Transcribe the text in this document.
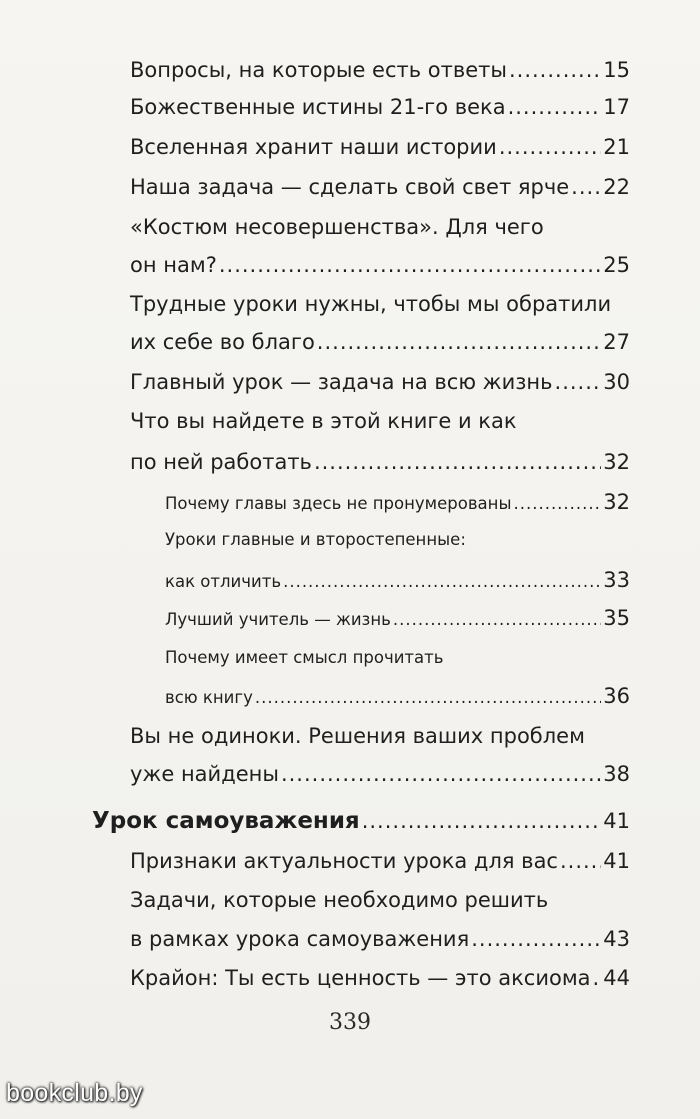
Вопросы, на которые есть ответы .....	15
Божественные истины 21-го века .....	17
Вселенная хранит наши истории .....	21
Наша задача — сделать свой свет ярче ..... 22
«Костюм несовершенства». Для чего
он нам? .....	25
Трудные уроки нужны, чтобы мы обратили
их себе во благо .....	27
Главный урок — задача на всю жизнь ..... 30
Что вы найдете в этой книге и как
по ней работать .....	32
Почему главы здесь не пронумерованы .....	32
Уроки главные и второстепенные:
как отличить .....	33
Лучший учитель — жизнь .....	35
Почему имеет смысл прочитать
всю книгу .....	36
Вы не одиноки. Решения ваших проблем
уже найдены .....	38
Урок самоуважения .....	41
Признаки актуальности урока для вас ..... 41
Задачи, которые необходимо решить
в рамках урока самоуважения .....	43
Крайон: Ты есть ценность — это аксиома ..... 44
339
bookclub.by
